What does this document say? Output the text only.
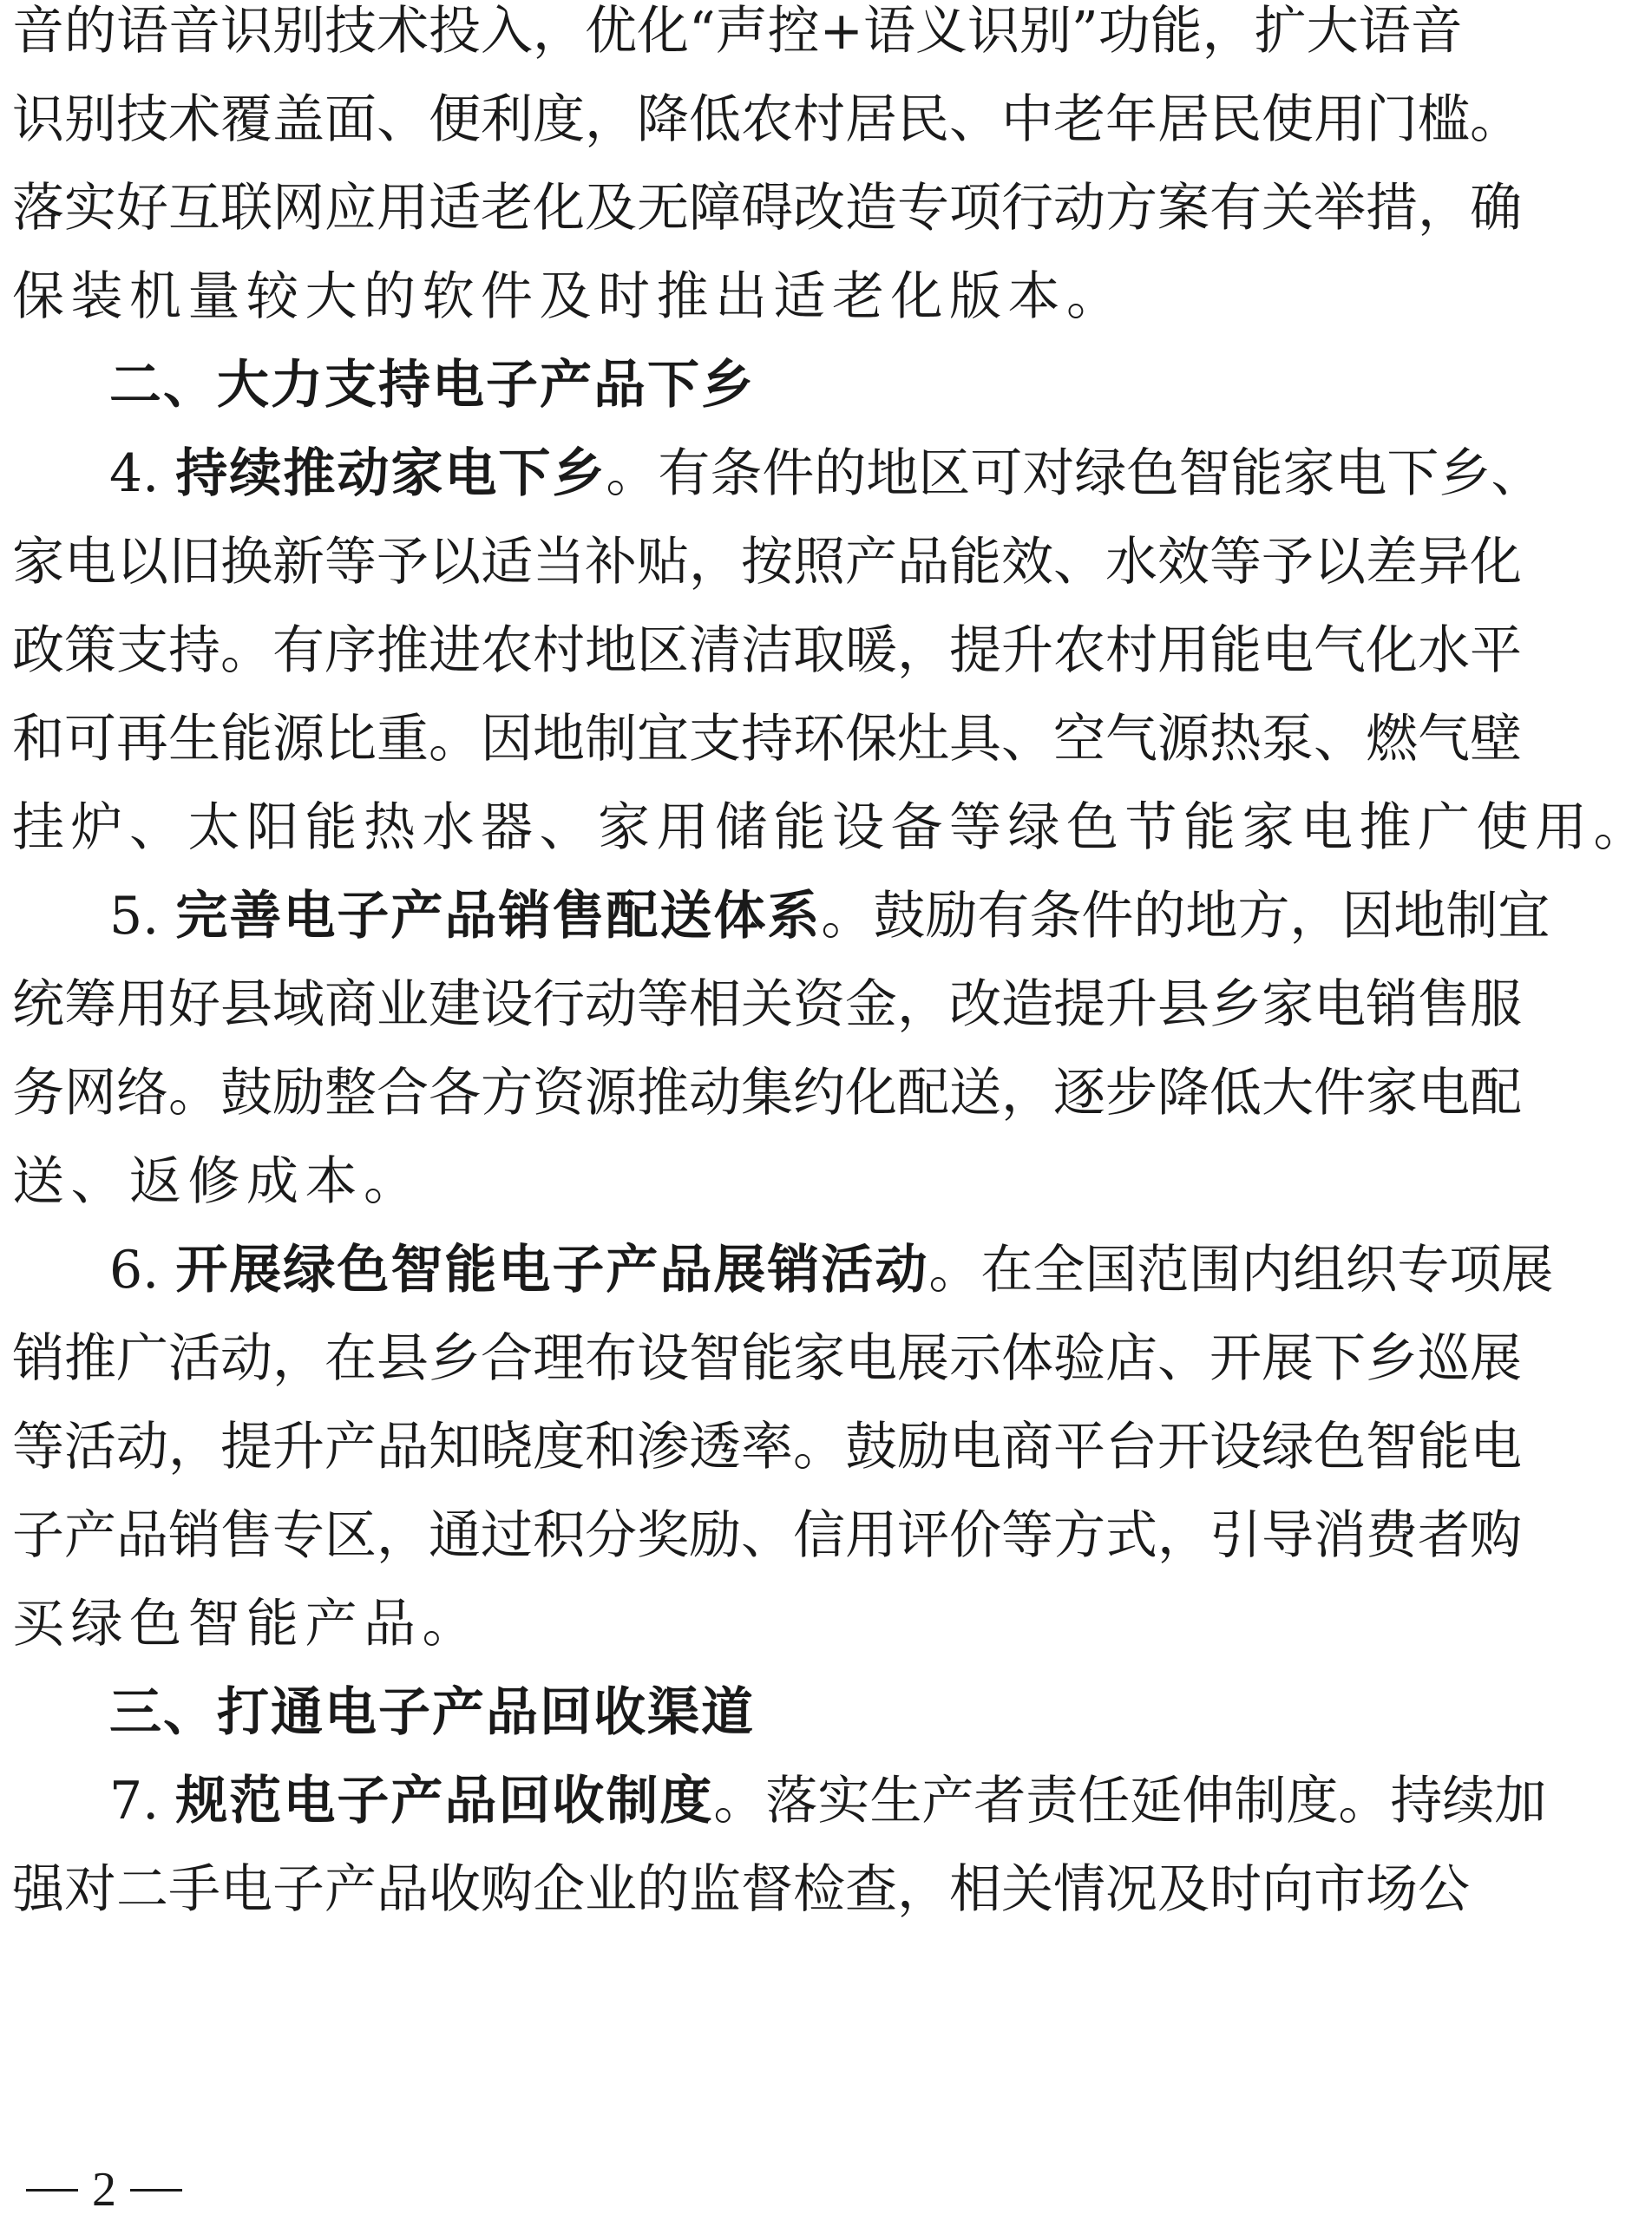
音的语音识别技术投入，优化“声控+语义识别”功能，扩大语音
识别技术覆盖面、便利度，降低农村居民、中老年居民使用门槛。
落实好互联网应用适老化及无障碍改造专项行动方案有关举措，确
保装机量较大的软件及时推出适老化版本。
二、大力支持电子产品下乡
4. 持续推动家电下乡。有条件的地区可对绿色智能家电下乡、
家电以旧换新等予以适当补贴，按照产品能效、水效等予以差异化
政策支持。有序推进农村地区清洁取暖，提升农村用能电气化水平
和可再生能源比重。因地制宜支持环保灶具、空气源热泵、燃气壁
挂炉、太阳能热水器、家用储能设备等绿色节能家电推广使用。
5. 完善电子产品销售配送体系。鼓励有条件的地方，因地制宜
统筹用好县域商业建设行动等相关资金，改造提升县乡家电销售服
务网络。鼓励整合各方资源推动集约化配送，逐步降低大件家电配
送、返修成本。
6. 开展绿色智能电子产品展销活动。在全国范围内组织专项展
销推广活动，在县乡合理布设智能家电展示体验店、开展下乡巡展
等活动，提升产品知晓度和渗透率。鼓励电商平台开设绿色智能电
子产品销售专区，通过积分奖励、信用评价等方式，引导消费者购
买绿色智能产品。
三、打通电子产品回收渠道
7. 规范电子产品回收制度。落实生产者责任延伸制度。持续加
强对二手电子产品收购企业的监督检查，相关情况及时向市场公
2
